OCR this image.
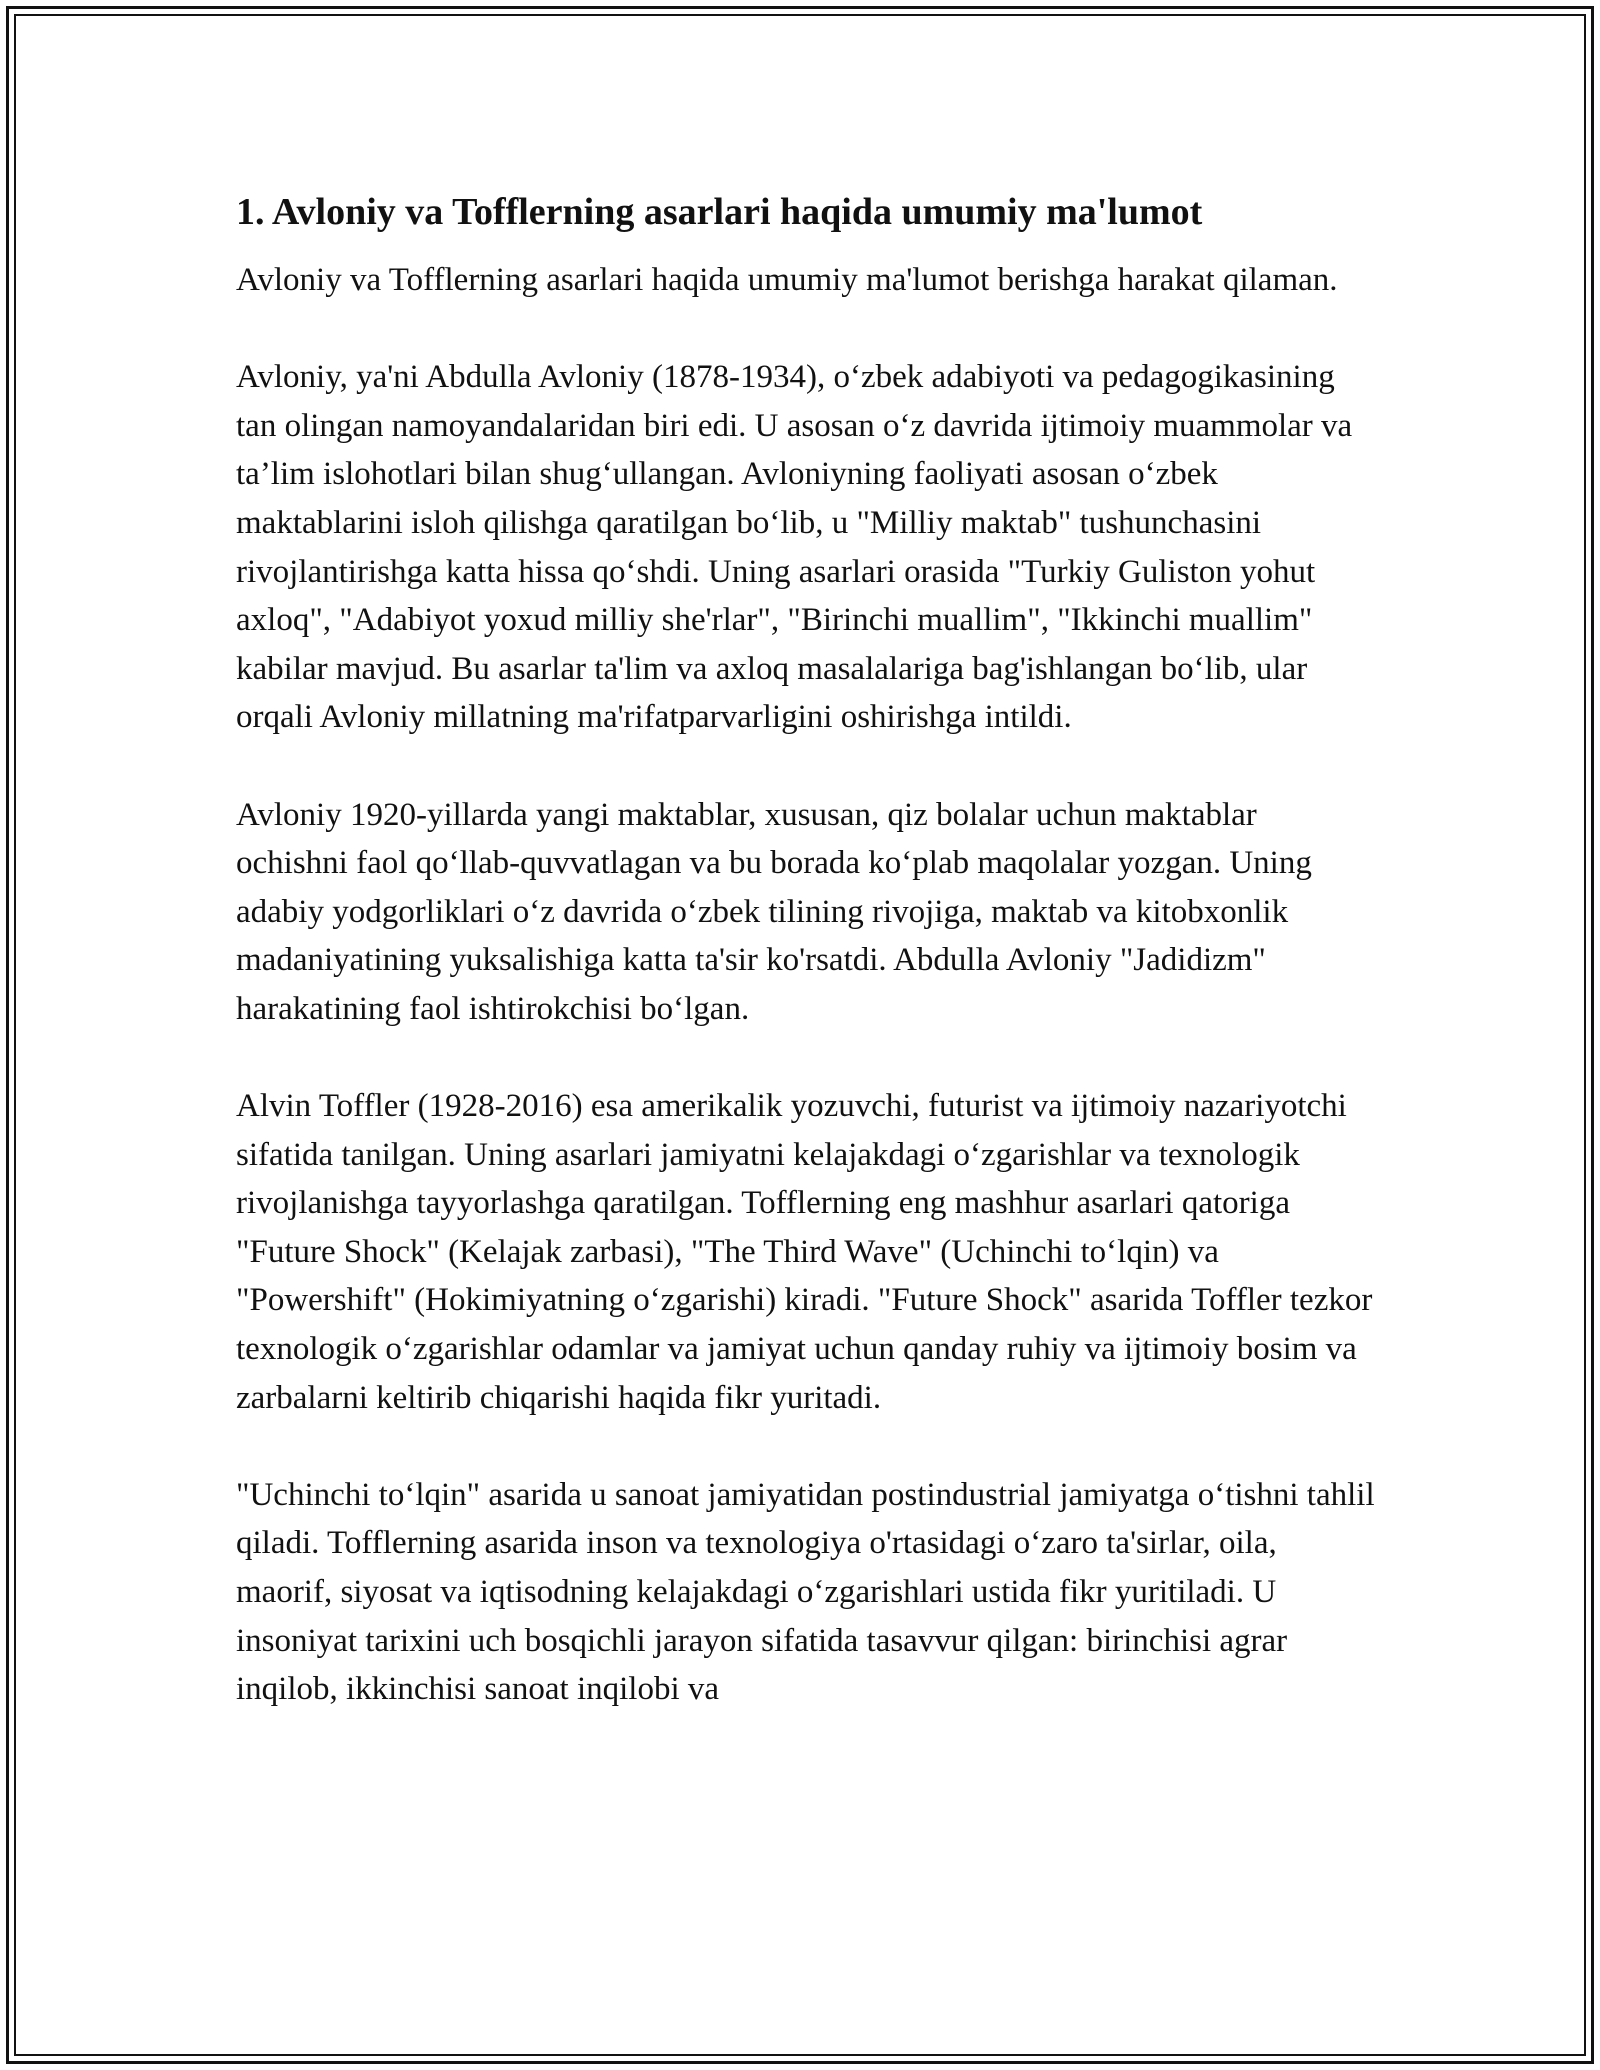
1. Avloniy va Tofflerning asarlari haqida umumiy ma'lumot

Avloniy va Tofflerning asarlari haqida umumiy ma'lumot berishga harakat qilaman.

Avloniy, ya'ni Abdulla Avloniy (1878-1934), o‘zbek adabiyoti va pedagogikasining tan olingan namoyandalaridan biri edi. U asosan o‘z davrida ijtimoiy muammolar va ta’lim islohotlari bilan shug‘ullangan. Avloniyning faoliyati asosan o‘zbek maktablarini isloh qilishga qaratilgan bo‘lib, u "Milliy maktab" tushunchasini rivojlantirishga katta hissa qo‘shdi. Uning asarlari orasida "Turkiy Guliston yohut axloq", "Adabiyot yoxud milliy she'rlar", "Birinchi muallim", "Ikkinchi muallim" kabilar mavjud. Bu asarlar ta'lim va axloq masalalariga bag'ishlangan bo‘lib, ular orqali Avloniy millatning ma'rifatparvarligini oshirishga intildi.

Avloniy 1920-yillarda yangi maktablar, xususan, qiz bolalar uchun maktablar ochishni faol qo‘llab-quvvatlagan va bu borada ko‘plab maqolalar yozgan. Uning adabiy yodgorliklari o‘z davrida o‘zbek tilining rivojiga, maktab va kitobxonlik madaniyatining yuksalishiga katta ta'sir ko'rsatdi. Abdulla Avloniy "Jadidizm" harakatining faol ishtirokchisi bo‘lgan.

Alvin Toffler (1928-2016) esa amerikalik yozuvchi, futurist va ijtimoiy nazariyotchi sifatida tanilgan. Uning asarlari jamiyatni kelajakdagi o‘zgarishlar va texnologik rivojlanishga tayyorlashga qaratilgan. Tofflerning eng mashhur asarlari qatoriga "Future Shock" (Kelajak zarbasi), "The Third Wave" (Uchinchi to‘lqin) va "Powershift" (Hokimiyatning o‘zgarishi) kiradi. "Future Shock" asarida Toffler tezkor texnologik o‘zgarishlar odamlar va jamiyat uchun qanday ruhiy va ijtimoiy bosim va zarbalarni keltirib chiqarishi haqida fikr yuritadi.

"Uchinchi to‘lqin" asarida u sanoat jamiyatidan postindustrial jamiyatga o‘tishni tahlil qiladi. Tofflerning asarida inson va texnologiya o'rtasidagi o‘zaro ta'sirlar, oila, maorif, siyosat va iqtisodning kelajakdagi o‘zgarishlari ustida fikr yuritiladi. U insoniyat tarixini uch bosqichli jarayon sifatida tasavvur qilgan: birinchisi agrar inqilob, ikkinchisi sanoat inqilobi va
